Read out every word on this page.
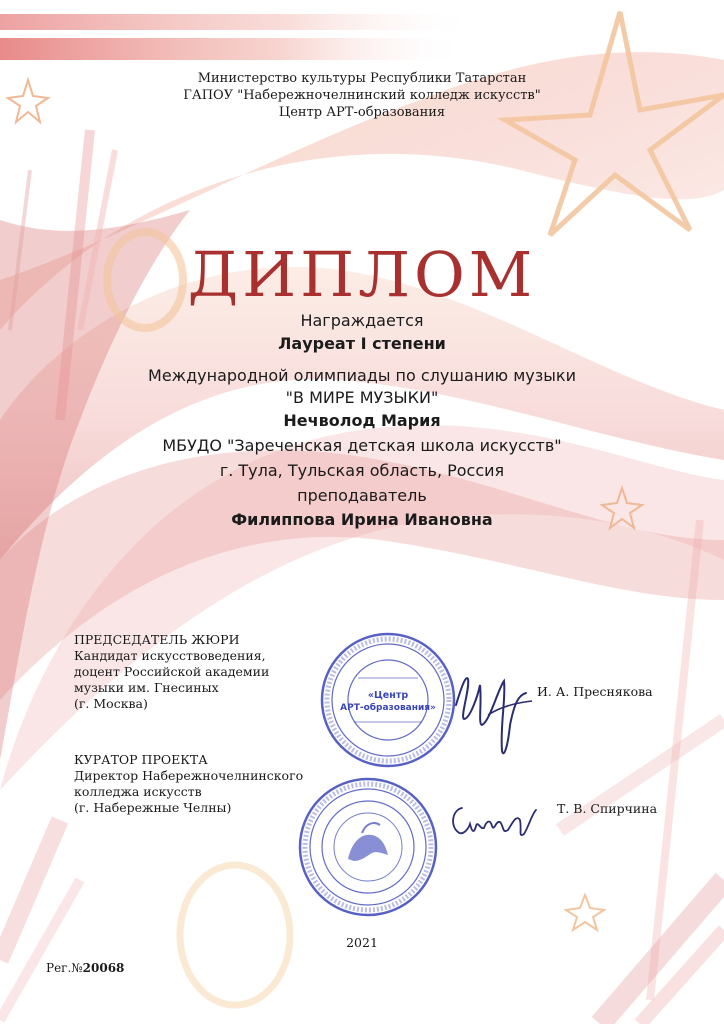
Министерство культуры Республики Татарстан
ГАПОУ "Набережночелнинский колледж искусств"
Центр АРТ-образования
ДИПЛОМ
Награждается
Лауреат I степени
Международной олимпиады по слушанию музыки
"В МИРЕ МУЗЫКИ"
Нечволод Мария
МБУДО "Зареченская детская школа искусств"
г. Тула, Тульская область, Россия
преподаватель
Филиппова Ирина Ивановна
ПРЕДСЕДАТЕЛЬ ЖЮРИ
Кандидат искусствоведения,
доцент Российской академии
музыки им. Гнесиных
(г. Москва)
И. А. Преснякова
«Центр
АРТ-образования»
КУРАТОР ПРОЕКТА
Директор Набережночелнинского
колледжа искусств
(г. Набережные Челны)	Т. В. Спирчина
2021
Рег.№20068
